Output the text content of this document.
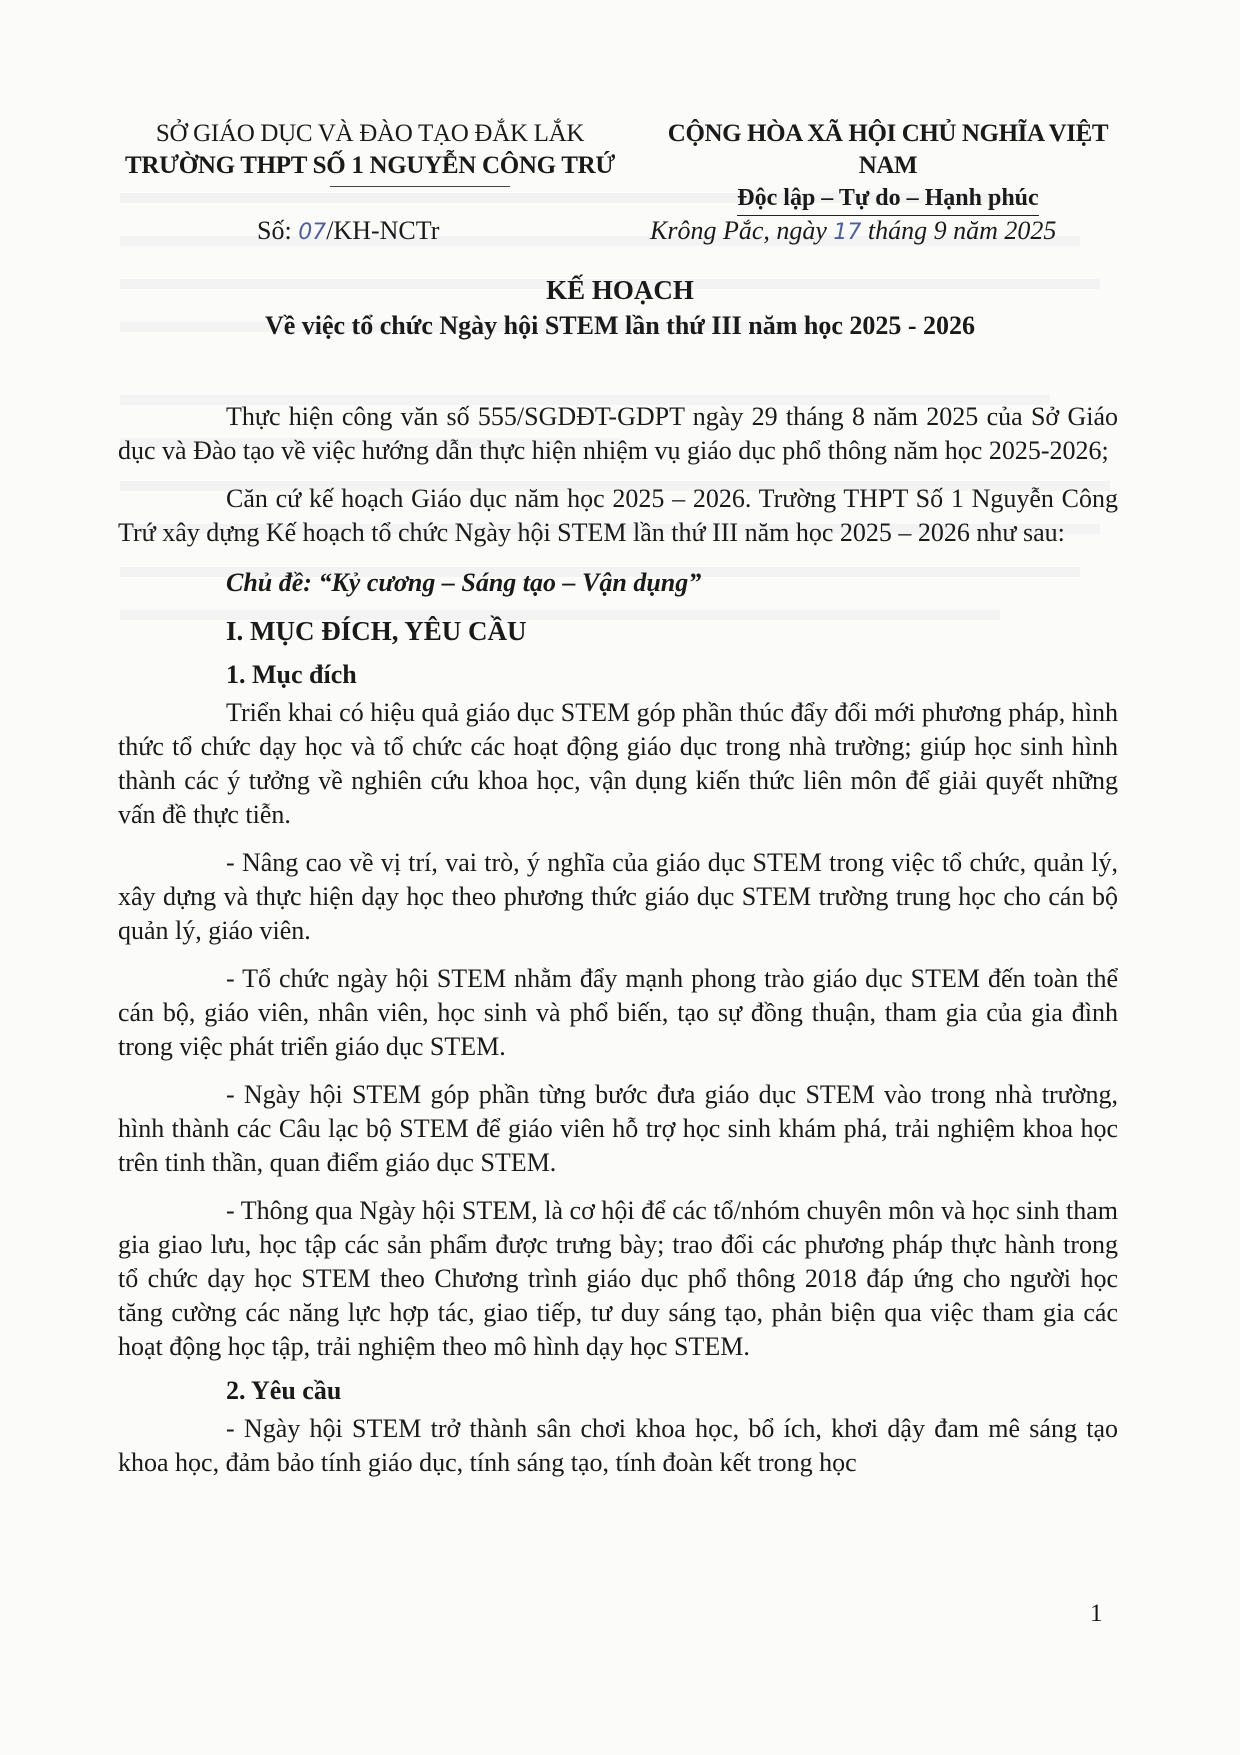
SỞ GIÁO DỤC VÀ ĐÀO TẠO ĐẮK LẮK
TRƯỜNG THPT SỐ 1 NGUYỄN CÔNG TRỨ
CỘNG HÒA XÃ HỘI CHỦ NGHĨA VIỆT NAM
Độc lập – Tự do – Hạnh phúc
Số: 07/KH-NCTr	Krông Pắc, ngày 17 tháng 9 năm 2025
KẾ HOẠCH
Về việc tổ chức Ngày hội STEM lần thứ III năm học 2025 - 2026

Thực hiện công văn số 555/SGDĐT-GDPT ngày 29 tháng 8 năm 2025 của Sở Giáo dục và Đào tạo về việc hướng dẫn thực hiện nhiệm vụ giáo dục phổ thông năm học 2025-2026;

Căn cứ kế hoạch Giáo dục năm học 2025 – 2026. Trường THPT Số 1 Nguyễn Công Trứ xây dựng Kế hoạch tổ chức Ngày hội STEM lần thứ III năm học 2025 – 2026 như sau:

Chủ đề: “Kỷ cương – Sáng tạo – Vận dụng”

I. MỤC ĐÍCH, YÊU CẦU

1. Mục đích

Triển khai có hiệu quả giáo dục STEM góp phần thúc đẩy đổi mới phương pháp, hình thức tổ chức dạy học và tổ chức các hoạt động giáo dục trong nhà trường; giúp học sinh hình thành các ý tưởng về nghiên cứu khoa học, vận dụng kiến thức liên môn để giải quyết những vấn đề thực tiễn.

- Nâng cao về vị trí, vai trò, ý nghĩa của giáo dục STEM trong việc tổ chức, quản lý, xây dựng và thực hiện dạy học theo phương thức giáo dục STEM trường trung học cho cán bộ quản lý, giáo viên.

- Tổ chức ngày hội STEM nhằm đẩy mạnh phong trào giáo dục STEM đến toàn thể cán bộ, giáo viên, nhân viên, học sinh và phổ biến, tạo sự đồng thuận, tham gia của gia đình trong việc phát triển giáo dục STEM.

- Ngày hội STEM góp phần từng bước đưa giáo dục STEM vào trong nhà trường, hình thành các Câu lạc bộ STEM để giáo viên hỗ trợ học sinh khám phá, trải nghiệm khoa học trên tinh thần, quan điểm giáo dục STEM.

- Thông qua Ngày hội STEM, là cơ hội để các tổ/nhóm chuyên môn và học sinh tham gia giao lưu, học tập các sản phẩm được trưng bày; trao đổi các phương pháp thực hành trong tổ chức dạy học STEM theo Chương trình giáo dục phổ thông 2018 đáp ứng cho người học tăng cường các năng lực hợp tác, giao tiếp, tư duy sáng tạo, phản biện qua việc tham gia các hoạt động học tập, trải nghiệm theo mô hình dạy học STEM.

2. Yêu cầu

- Ngày hội STEM trở thành sân chơi khoa học, bổ ích, khơi dậy đam mê sáng tạo khoa học, đảm bảo tính giáo dục, tính sáng tạo, tính đoàn kết trong học

1
